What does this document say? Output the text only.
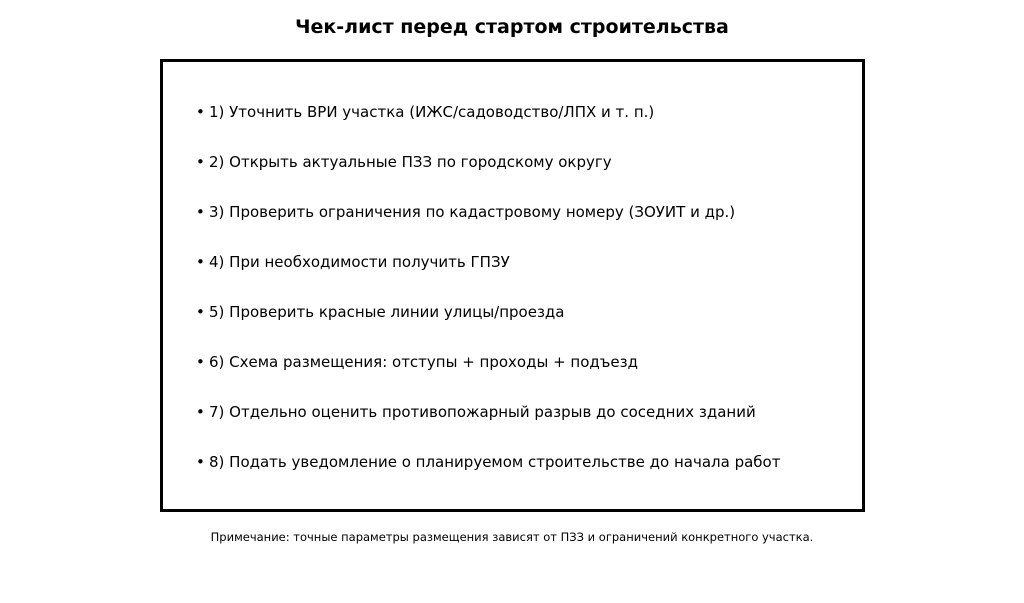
Чек-лист перед стартом строительства
• 1) Уточнить ВРИ участка (ИЖС/садоводство/ЛПХ и т. п.)
• 2) Открыть актуальные ПЗЗ по городскому округу
• 3) Проверить ограничения по кадастровому номеру (ЗОУИТ и др.)
• 4) При необходимости получить ГПЗУ
• 5) Проверить красные линии улицы/проезда
• 6) Схема размещения: отступы + проходы + подъезд
• 7) Отдельно оценить противопожарный разрыв до соседних зданий
• 8) Подать уведомление о планируемом строительстве до начала работ

Примечание: точные параметры размещения зависят от ПЗЗ и ограничений конкретного участка.
